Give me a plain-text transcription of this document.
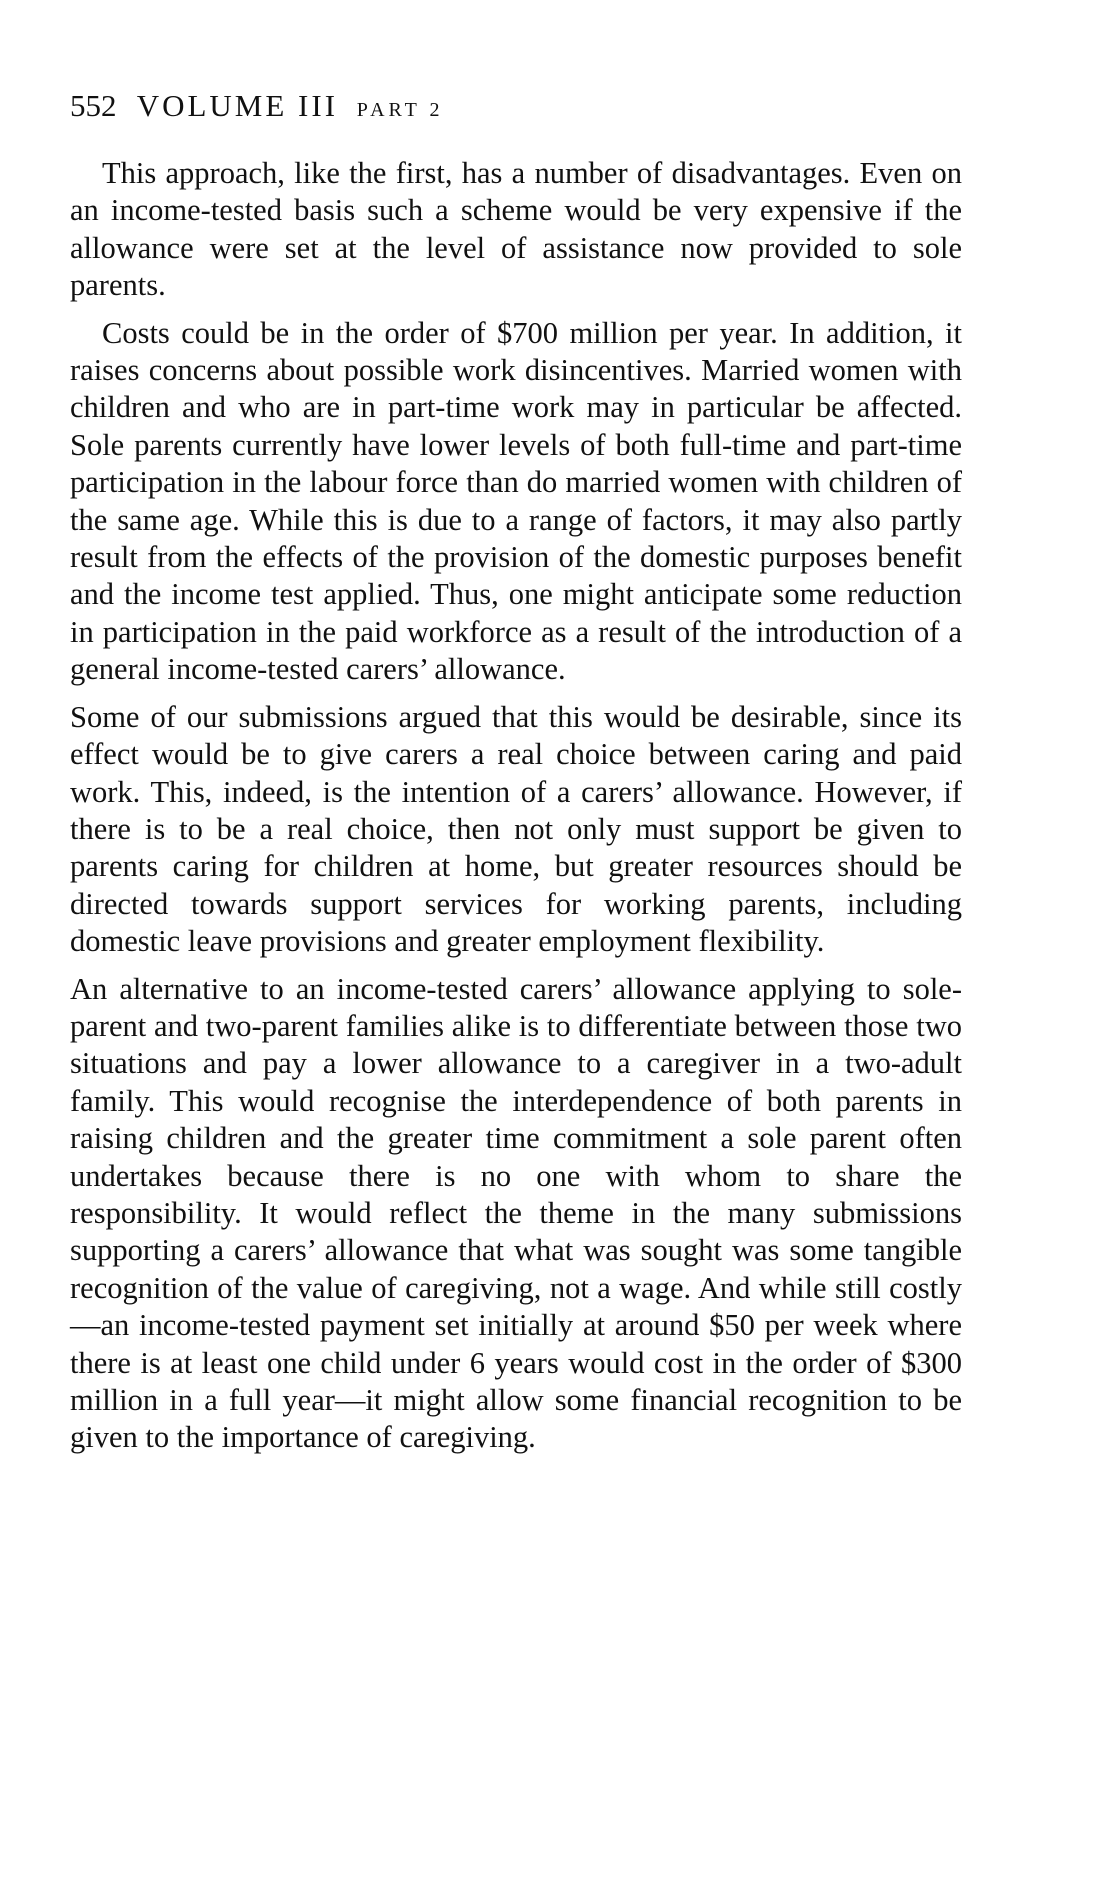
552 VOLUME III PART 2

This approach, like the first, has a number of disadvantages. Even on an income-tested basis such a scheme would be very expensive if the allowance were set at the level of assistance now provided to sole parents.

Costs could be in the order of $700 million per year. In addition, it raises concerns about possible work disincentives. Married women with children and who are in part-time work may in particular be affected. Sole parents currently have lower levels of both full-time and part-time participation in the labour force than do married women with children of the same age. While this is due to a range of factors, it may also partly result from the effects of the provision of the domestic purposes benefit and the income test applied. Thus, one might anticipate some reduction in participation in the paid workforce as a result of the introduction of a general income-tested carers’ allowance.

Some of our submissions argued that this would be desirable, since its effect would be to give carers a real choice between caring and paid work. This, indeed, is the intention of a carers’ allowance. However, if there is to be a real choice, then not only must support be given to parents caring for children at home, but greater resources should be directed towards support services for working parents, including domestic leave provisions and greater employment flexibility.

An alternative to an income-tested carers’ allowance applying to sole-parent and two-parent families alike is to differentiate between those two situations and pay a lower allowance to a caregiver in a two-adult family. This would recognise the interdependence of both parents in raising children and the greater time commitment a sole parent often undertakes because there is no one with whom to share the responsibility. It would reflect the theme in the many submissions supporting a carers’ allowance that what was sought was some tangible recognition of the value of caregiving, not a wage. And while still costly —an income-tested payment set initially at around $50 per week where there is at least one child under 6 years would cost in the order of $300 million in a full year—it might allow some financial recognition to be given to the importance of caregiving.
